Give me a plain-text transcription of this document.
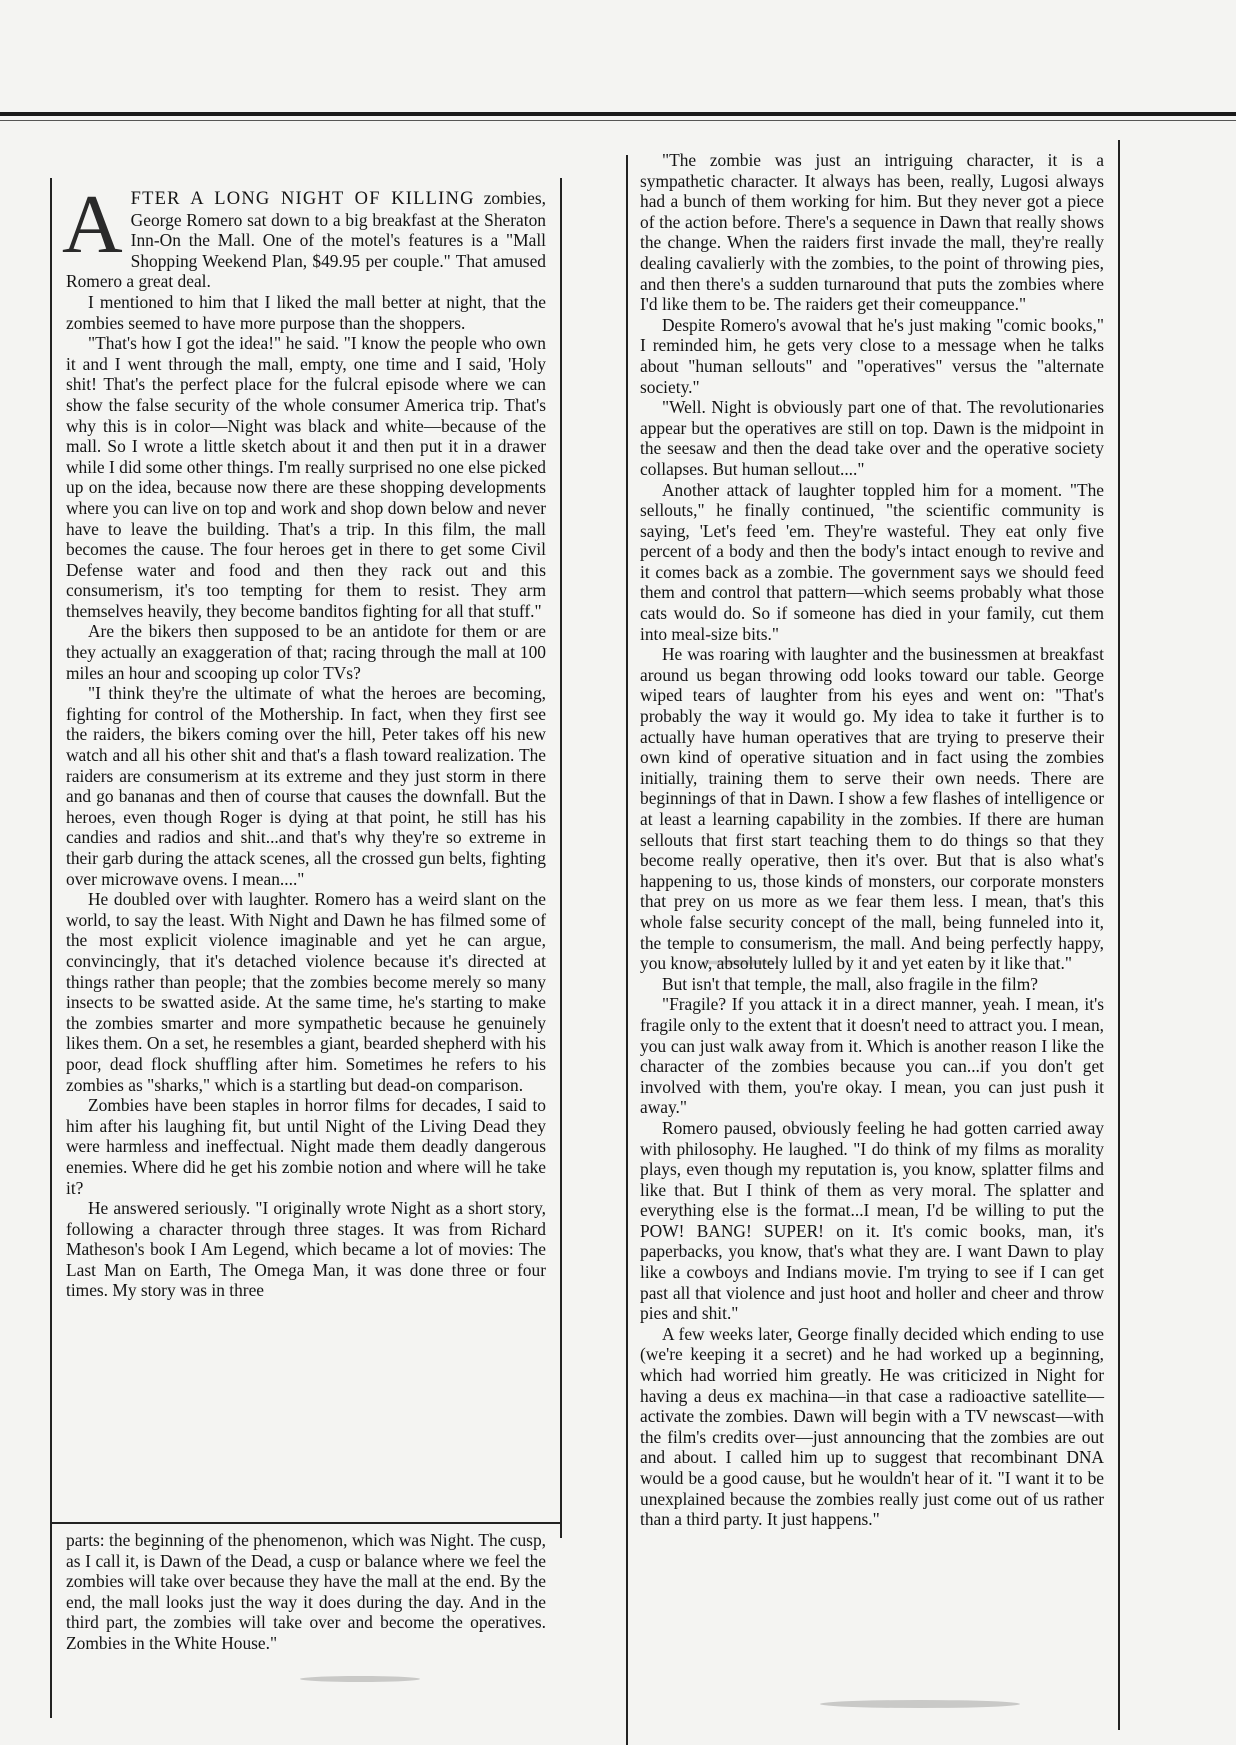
A FTER A LONG NIGHT OF KILLING zombies, George Romero sat down to a big breakfast at the Sheraton Inn-On the Mall. One of the motel's features is a "Mall Shopping Weekend Plan, $49.95 per couple." That amused Romero a great deal.

I mentioned to him that I liked the mall better at night, that the zombies seemed to have more purpose than the shoppers.

"That's how I got the idea!" he said. "I know the people who own it and I went through the mall, empty, one time and I said, 'Holy shit! That's the perfect place for the fulcral episode where we can show the false security of the whole consumer America trip. That's why this is in color—Night was black and white—because of the mall. So I wrote a little sketch about it and then put it in a drawer while I did some other things. I'm really surprised no one else picked up on the idea, because now there are these shopping developments where you can live on top and work and shop down below and never have to leave the building. That's a trip. In this film, the mall becomes the cause. The four heroes get in there to get some Civil Defense water and food and then they rack out and this consumerism, it's too tempting for them to resist. They arm themselves heavily, they become banditos fighting for all that stuff."

Are the bikers then supposed to be an antidote for them or are they actually an exaggeration of that; racing through the mall at 100 miles an hour and scooping up color TVs?

"I think they're the ultimate of what the heroes are becoming, fighting for control of the Mothership. In fact, when they first see the raiders, the bikers coming over the hill, Peter takes off his new watch and all his other shit and that's a flash toward realization. The raiders are consumerism at its extreme and they just storm in there and go bananas and then of course that causes the downfall. But the heroes, even though Roger is dying at that point, he still has his candies and radios and shit...and that's why they're so extreme in their garb during the attack scenes, all the crossed gun belts, fighting over microwave ovens. I mean...."

He doubled over with laughter. Romero has a weird slant on the world, to say the least. With Night and Dawn he has filmed some of the most explicit violence imaginable and yet he can argue, convincingly, that it's detached violence because it's directed at things rather than people; that the zombies become merely so many insects to be swatted aside. At the same time, he's starting to make the zombies smarter and more sympathetic because he genuinely likes them. On a set, he resembles a giant, bearded shepherd with his poor, dead flock shuffling after him. Sometimes he refers to his zombies as "sharks," which is a startling but dead-on comparison.

Zombies have been staples in horror films for decades, I said to him after his laughing fit, but until Night of the Living Dead they were harmless and ineffectual. Night made them deadly dangerous enemies. Where did he get his zombie notion and where will he take it?

He answered seriously. "I originally wrote Night as a short story, following a character through three stages. It was from Richard Matheson's book I Am Legend, which became a lot of movies: The Last Man on Earth, The Omega Man, it was done three or four times. My story was in three

parts: the beginning of the phenomenon, which was Night. The cusp, as I call it, is Dawn of the Dead, a cusp or balance where we feel the zombies will take over because they have the mall at the end. By the end, the mall looks just the way it does during the day. And in the third part, the zombies will take over and become the operatives. Zombies in the White House."

"The zombie was just an intriguing character, it is a sympathetic character. It always has been, really, Lugosi always had a bunch of them working for him. But they never got a piece of the action before. There's a sequence in Dawn that really shows the change. When the raiders first invade the mall, they're really dealing cavalierly with the zombies, to the point of throwing pies, and then there's a sudden turnaround that puts the zombies where I'd like them to be. The raiders get their comeuppance."

Despite Romero's avowal that he's just making "comic books," I reminded him, he gets very close to a message when he talks about "human sellouts" and "operatives" versus the "alternate society."

"Well. Night is obviously part one of that. The revolutionaries appear but the operatives are still on top. Dawn is the midpoint in the seesaw and then the dead take over and the operative society collapses. But human sellout...."

Another attack of laughter toppled him for a moment. "The sellouts," he finally continued, "the scientific community is saying, 'Let's feed 'em. They're wasteful. They eat only five percent of a body and then the body's intact enough to revive and it comes back as a zombie. The government says we should feed them and control that pattern—which seems probably what those cats would do. So if someone has died in your family, cut them into meal-size bits."

He was roaring with laughter and the businessmen at breakfast around us began throwing odd looks toward our table. George wiped tears of laughter from his eyes and went on: "That's probably the way it would go. My idea to take it further is to actually have human operatives that are trying to preserve their own kind of operative situation and in fact using the zombies initially, training them to serve their own needs. There are beginnings of that in Dawn. I show a few flashes of intelligence or at least a learning capability in the zombies. If there are human sellouts that first start teaching them to do things so that they become really operative, then it's over. But that is also what's happening to us, those kinds of monsters, our corporate monsters that prey on us more as we fear them less. I mean, that's this whole false security concept of the mall, being funneled into it, the temple to consumerism, the mall. And being perfectly happy, you know, absolutely lulled by it and yet eaten by it like that."

But isn't that temple, the mall, also fragile in the film?

"Fragile? If you attack it in a direct manner, yeah. I mean, it's fragile only to the extent that it doesn't need to attract you. I mean, you can just walk away from it. Which is another reason I like the character of the zombies because you can...if you don't get involved with them, you're okay. I mean, you can just push it away."

Romero paused, obviously feeling he had gotten carried away with philosophy. He laughed. "I do think of my films as morality plays, even though my reputation is, you know, splatter films and like that. But I think of them as very moral. The splatter and everything else is the format...I mean, I'd be willing to put the POW! BANG! SUPER! on it. It's comic books, man, it's paperbacks, you know, that's what they are. I want Dawn to play like a cowboys and Indians movie. I'm trying to see if I can get past all that violence and just hoot and holler and cheer and throw pies and shit."

A few weeks later, George finally decided which ending to use (we're keeping it a secret) and he had worked up a beginning, which had worried him greatly. He was criticized in Night for having a deus ex machina—in that case a radioactive satellite—activate the zombies. Dawn will begin with a TV newscast—with the film's credits over—just announcing that the zombies are out and about. I called him up to suggest that recombinant DNA would be a good cause, but he wouldn't hear of it. "I want it to be unexplained because the zombies really just come out of us rather than a third party. It just happens."
